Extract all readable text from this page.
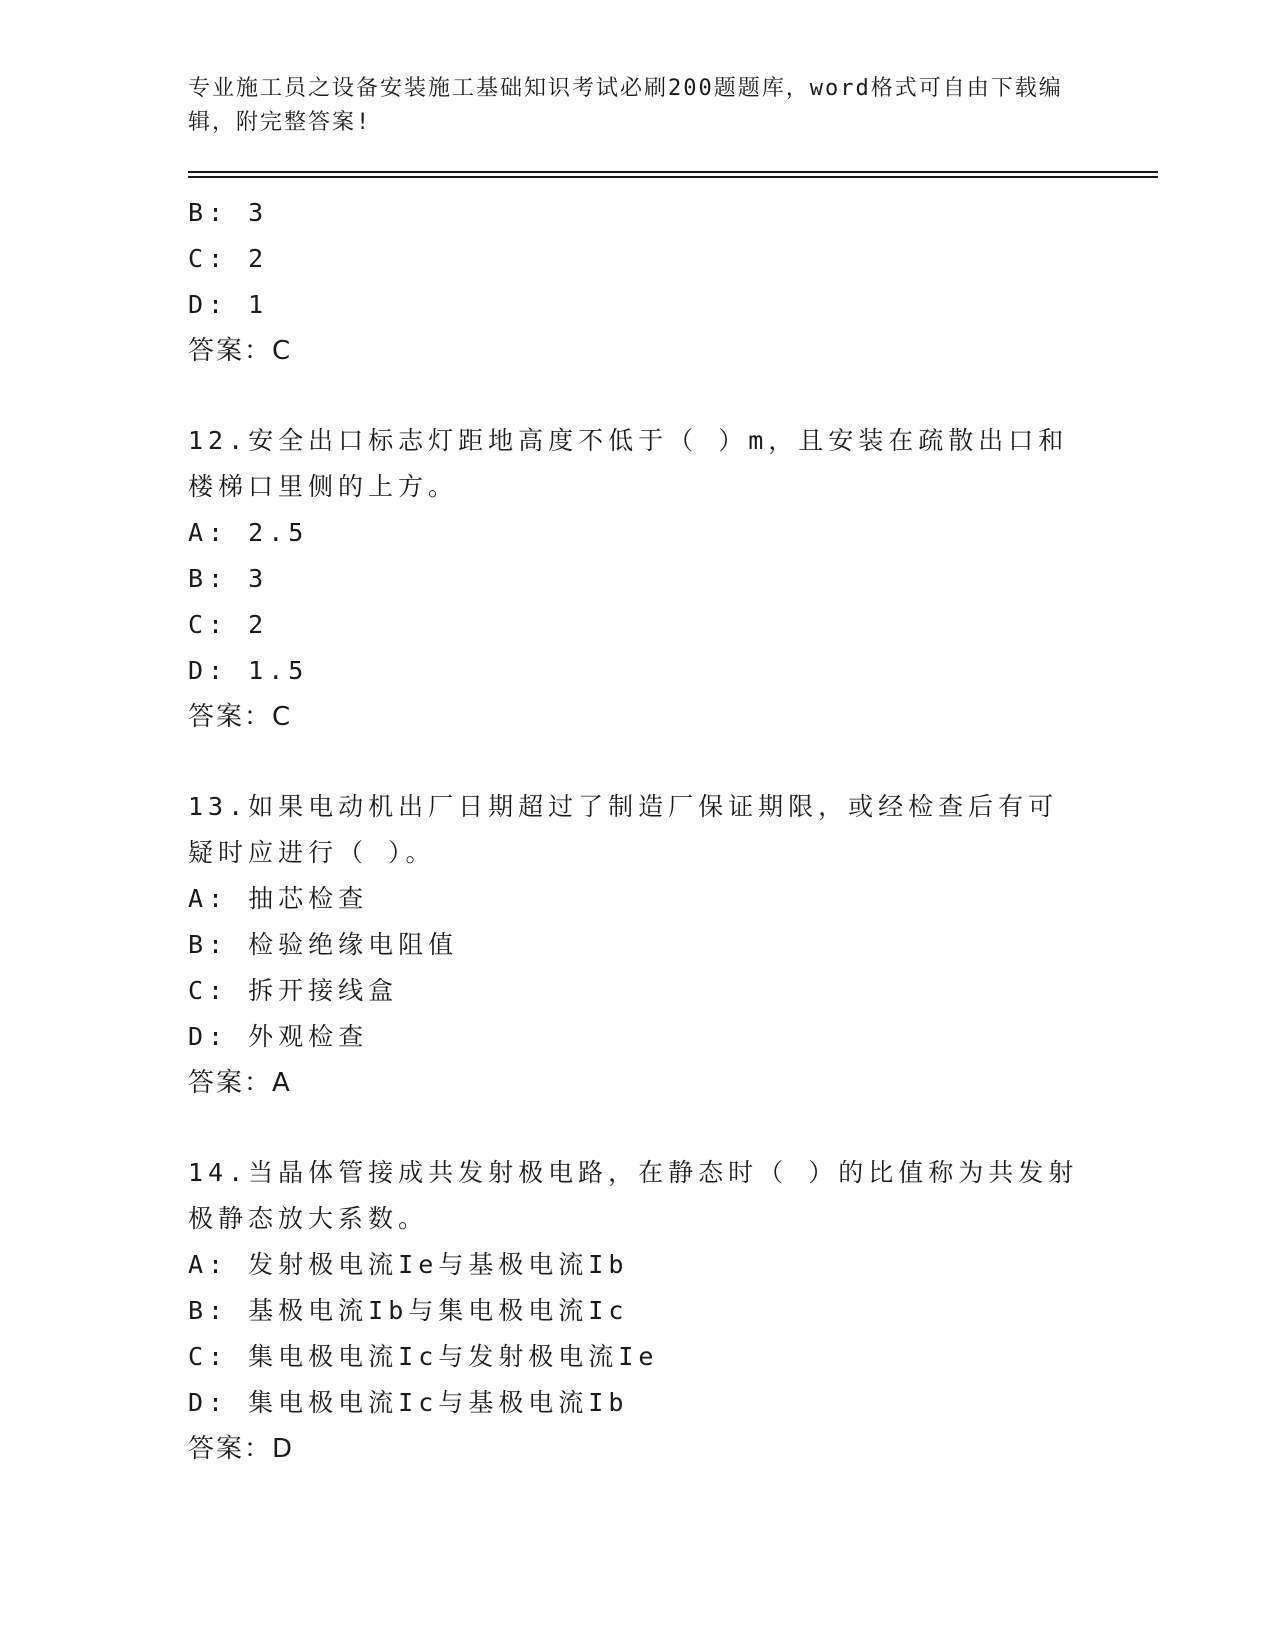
专业施工员之设备安装施工基础知识考试必刷200题题库，word格式可自由下载编辑，附完整答案!
B: 3
C: 2
D: 1
答案：C
12.安全出口标志灯距地高度不低于（ ）m，且安装在疏散出口和楼梯口里侧的上方。
A: 2.5
B: 3
C: 2
D: 1.5
答案：C
13.如果电动机出厂日期超过了制造厂保证期限，或经检查后有可疑时应进行（ ）。
A: 抽芯检查
B: 检验绝缘电阻值
C: 拆开接线盒
D: 外观检查
答案：A
14.当晶体管接成共发射极电路，在静态时（ ）的比值称为共发射极静态放大系数。
A: 发射极电流Ie与基极电流Ib
B: 基极电流Ib与集电极电流Ic
C: 集电极电流Ic与发射极电流Ie
D: 集电极电流Ic与基极电流Ib
答案：D
